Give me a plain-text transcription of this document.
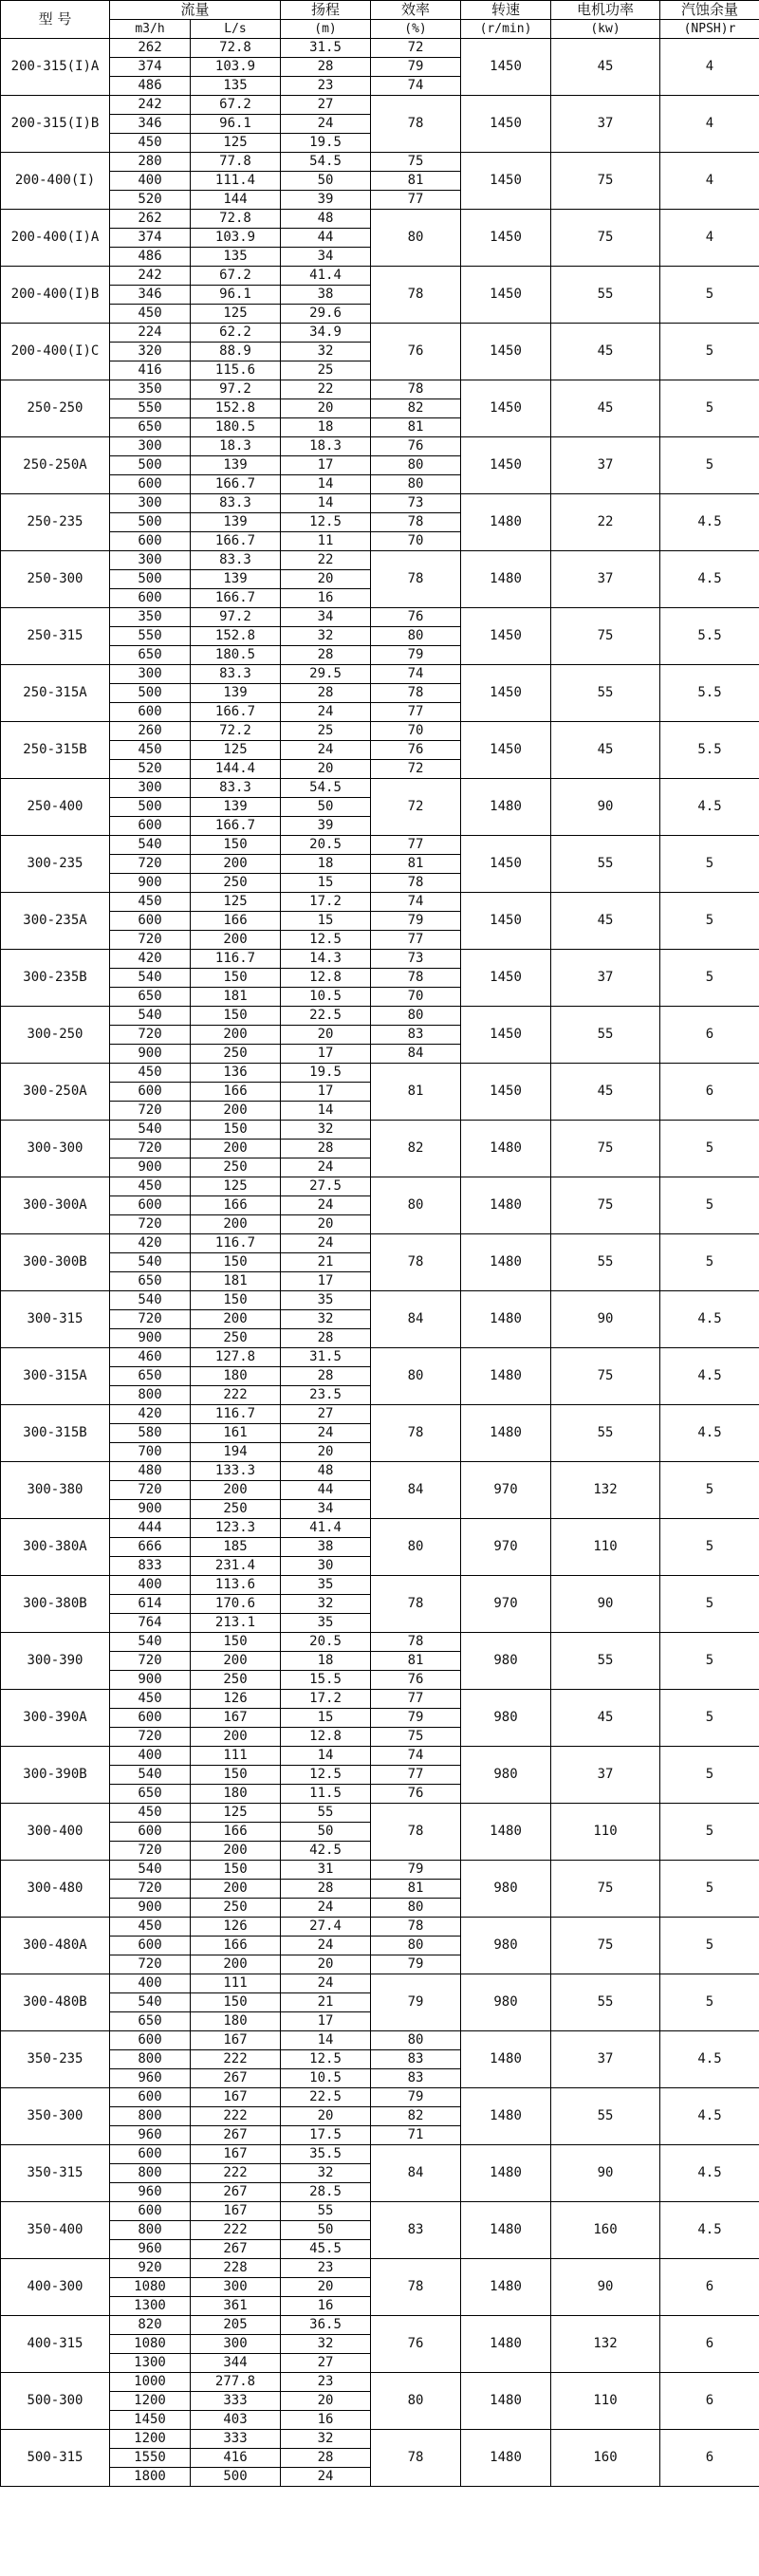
型 号	流量		扬程	效率	转速	电机功率	汽蚀余量
	m3/h	L/s	(m)	(%)	(r/min)	(kw)	(NPSH)r
200-315(I)A	262	72.8	31.5	72	1450	45	4
	374	103.9	28	79			
	486	135	23	74			
200-315(I)B	242	67.2	27	78	1450	37	4
	346	96.1	24				
	450	125	19.5				
200-400(I)	280	77.8	54.5	75	1450	75	4
	400	111.4	50	81			
	520	144	39	77			
200-400(I)A	262	72.8	48	80	1450	75	4
	374	103.9	44				
	486	135	34				
200-400(I)B	242	67.2	41.4	78	1450	55	5
	346	96.1	38				
	450	125	29.6				
200-400(I)C	224	62.2	34.9	76	1450	45	5
	320	88.9	32				
	416	115.6	25				
250-250	350	97.2	22	78	1450	45	5
	550	152.8	20	82			
	650	180.5	18	81			
250-250A	300	18.3	18.3	76	1450	37	5
	500	139	17	80			
	600	166.7	14	80			
250-235	300	83.3	14	73	1480	22	4.5
	500	139	12.5	78			
	600	166.7	11	70			
250-300	300	83.3	22	78	1480	37	4.5
	500	139	20				
	600	166.7	16				
250-315	350	97.2	34	76	1450	75	5.5
	550	152.8	32	80			
	650	180.5	28	79			
250-315A	300	83.3	29.5	74	1450	55	5.5
	500	139	28	78			
	600	166.7	24	77			
250-315B	260	72.2	25	70	1450	45	5.5
	450	125	24	76			
	520	144.4	20	72			
250-400	300	83.3	54.5	72	1480	90	4.5
	500	139	50				
	600	166.7	39				
300-235	540	150	20.5	77	1450	55	5
	720	200	18	81			
	900	250	15	78			
300-235A	450	125	17.2	74	1450	45	5
	600	166	15	79			
	720	200	12.5	77			
300-235B	420	116.7	14.3	73	1450	37	5
	540	150	12.8	78			
	650	181	10.5	70			
300-250	540	150	22.5	80	1450	55	6
	720	200	20	83			
	900	250	17	84			
300-250A	450	136	19.5	81	1450	45	6
	600	166	17				
	720	200	14				
300-300	540	150	32	82	1480	75	5
	720	200	28				
	900	250	24				
300-300A	450	125	27.5	80	1480	75	5
	600	166	24				
	720	200	20				
300-300B	420	116.7	24	78	1480	55	5
	540	150	21				
	650	181	17				
300-315	540	150	35	84	1480	90	4.5
	720	200	32				
	900	250	28				
300-315A	460	127.8	31.5	80	1480	75	4.5
	650	180	28				
	800	222	23.5				
300-315B	420	116.7	27	78	1480	55	4.5
	580	161	24				
	700	194	20				
300-380	480	133.3	48	84	970	132	5
	720	200	44				
	900	250	34				
300-380A	444	123.3	41.4	80	970	110	5
	666	185	38				
	833	231.4	30				
300-380B	400	113.6	35	78	970	90	5
	614	170.6	32				
	764	213.1	35				
300-390	540	150	20.5	78	980	55	5
	720	200	18	81			
	900	250	15.5	76			
300-390A	450	126	17.2	77	980	45	5
	600	167	15	79			
	720	200	12.8	75			
300-390B	400	111	14	74	980	37	5
	540	150	12.5	77			
	650	180	11.5	76			
300-400	450	125	55	78	1480	110	5
	600	166	50				
	720	200	42.5				
300-480	540	150	31	79	980	75	5
	720	200	28	81			
	900	250	24	80			
300-480A	450	126	27.4	78	980	75	5
	600	166	24	80			
	720	200	20	79			
300-480B	400	111	24	79	980	55	5
	540	150	21				
	650	180	17				
350-235	600	167	14	80	1480	37	4.5
	800	222	12.5	83			
	960	267	10.5	83			
350-300	600	167	22.5	79	1480	55	4.5
	800	222	20	82			
	960	267	17.5	71			
350-315	600	167	35.5	84	1480	90	4.5
	800	222	32				
	960	267	28.5				
350-400	600	167	55	83	1480	160	4.5
	800	222	50				
	960	267	45.5				
400-300	920	228	23	78	1480	90	6
	1080	300	20				
	1300	361	16				
400-315	820	205	36.5	76	1480	132	6
	1080	300	32				
	1300	344	27				
500-300	1000	277.8	23	80	1480	110	6
	1200	333	20				
	1450	403	16				
500-315	1200	333	32	78	1480	160	6
	1550	416	28				
	1800	500	24				
